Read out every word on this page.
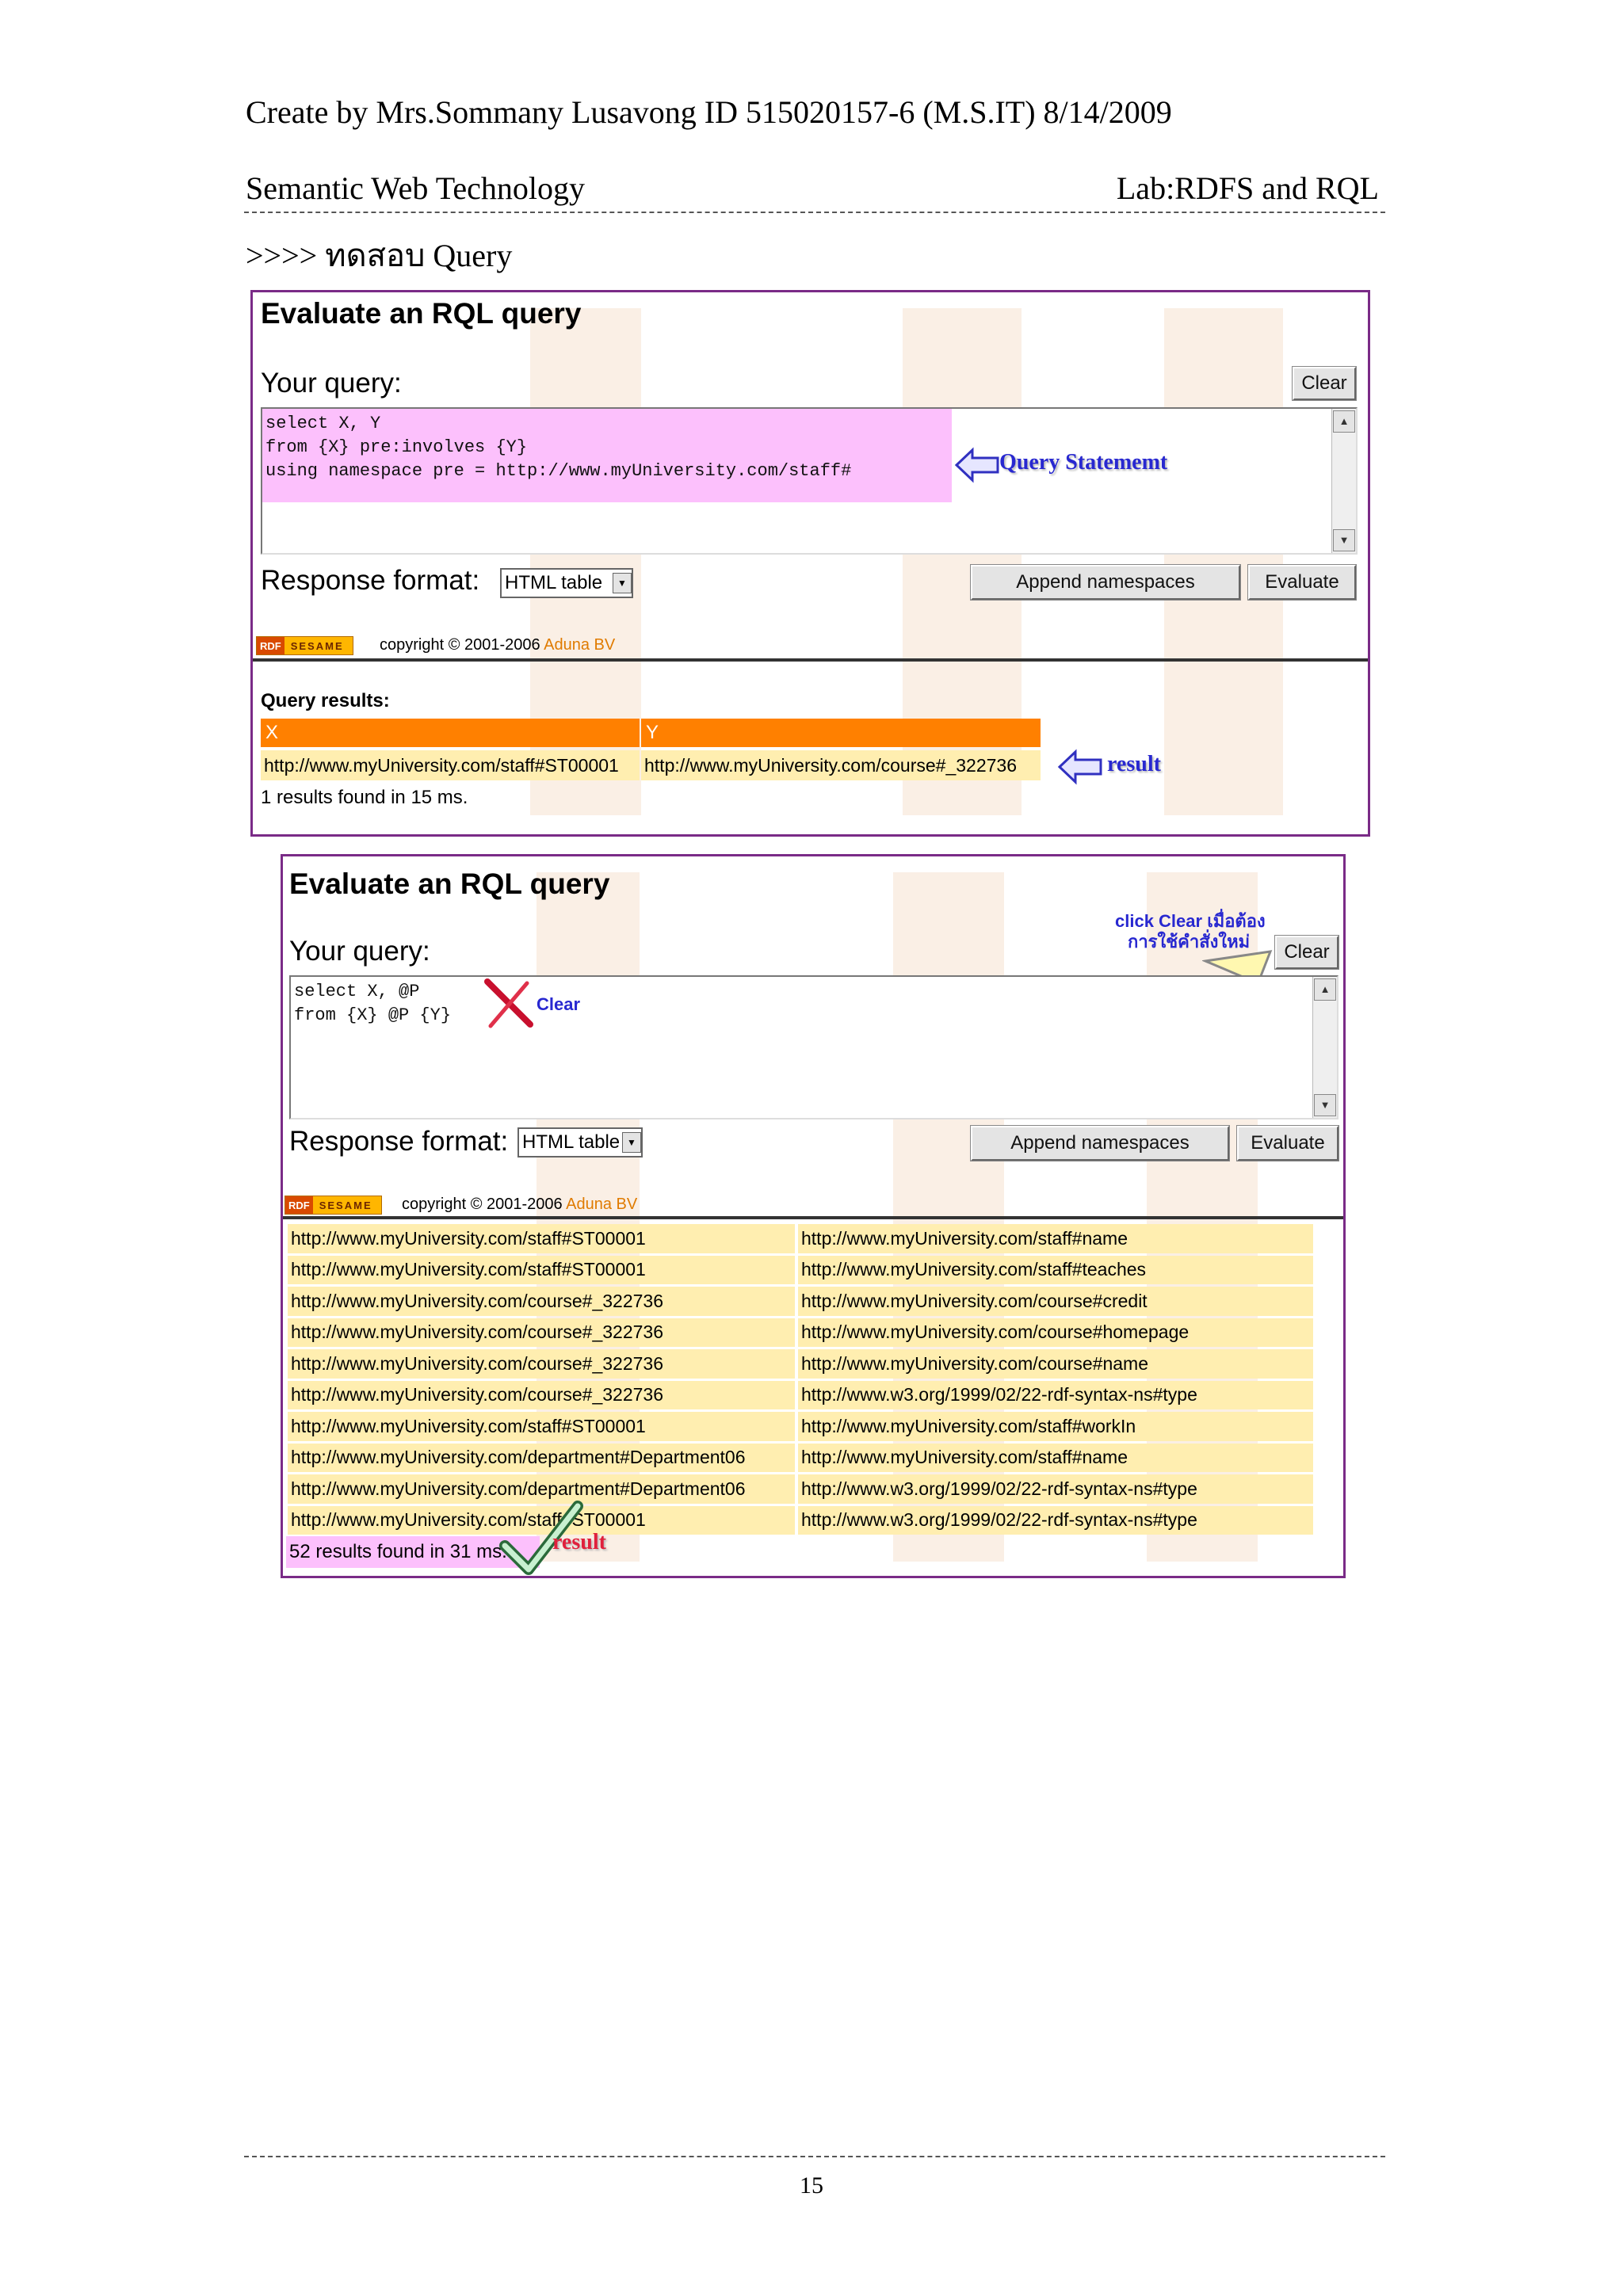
Create by Mrs.Sommany Lusavong ID 515020157-6 (M.S.IT) 8/14/2009
Semantic Web Technology	Lab:RDFS and RQL
>>>> ทดสอบ Query
Evaluate an RQL query
Your query:	Clear
select X, Y
from {X} pre:involves {Y}
using namespace pre = http://www.myUniversity.com/staff#
▲
▼
Query Statememt
Response format: HTML table	▼	Append namespaces	Evaluate
RDF SESAME	copyright © 2001-2006 Aduna BV
Query results:
X	Y
http://www.myUniversity.com/staff#ST00001	http://www.myUniversity.com/course#_322736	result
1 results found in 15 ms.
Evaluate an RQL query
click Clear เมื่อต้อง
การใช้คำสั่งใหม่
Your query:	Clear
select X, @P
from {X} @P {Y}
▲
▼
Clear
Response format: HTML table ▼	Append namespaces	Evaluate
RDF SESAME	copyright © 2001-2006 Aduna BV
http://www.myUniversity.com/staff#ST00001	http://www.myUniversity.com/staff#name
http://www.myUniversity.com/staff#ST00001	http://www.myUniversity.com/staff#teaches
http://www.myUniversity.com/course#_322736	http://www.myUniversity.com/course#credit
http://www.myUniversity.com/course#_322736	http://www.myUniversity.com/course#homepage
http://www.myUniversity.com/course#_322736	http://www.myUniversity.com/course#name
http://www.myUniversity.com/course#_322736	http://www.w3.org/1999/02/22-rdf-syntax-ns#type
http://www.myUniversity.com/staff#ST00001	http://www.myUniversity.com/staff#workIn
http://www.myUniversity.com/department#Department06	http://www.myUniversity.com/staff#name
http://www.myUniversity.com/department#Department06	http://www.w3.org/1999/02/22-rdf-syntax-ns#type
http://www.myUniversity.com/staff#ST00001	http://www.w3.org/1999/02/22-rdf-syntax-ns#type
52 results found in 31 ms. result
15
